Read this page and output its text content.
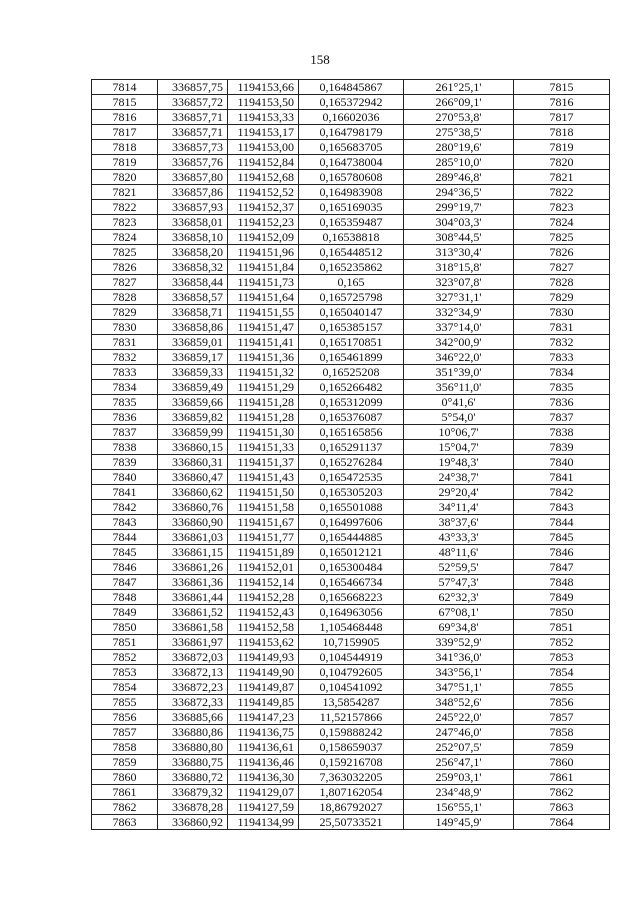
158
7814	336857,75	1194153,66	0,164845867	261°25,1'	7815
7815	336857,72	1194153,50	0,165372942	266°09,1'	7816
7816	336857,71	1194153,33	0,16602036	270°53,8'	7817
7817	336857,71	1194153,17	0,164798179	275°38,5'	7818
7818	336857,73	1194153,00	0,165683705	280°19,6'	7819
7819	336857,76	1194152,84	0,164738004	285°10,0'	7820
7820	336857,80	1194152,68	0,165780608	289°46,8'	7821
7821	336857,86	1194152,52	0,164983908	294°36,5'	7822
7822	336857,93	1194152,37	0,165169035	299°19,7'	7823
7823	336858,01	1194152,23	0,165359487	304°03,3'	7824
7824	336858,10	1194152,09	0,16538818	308°44,5'	7825
7825	336858,20	1194151,96	0,165448512	313°30,4'	7826
7826	336858,32	1194151,84	0,165235862	318°15,8'	7827
7827	336858,44	1194151,73	0,165	323°07,8'	7828
7828	336858,57	1194151,64	0,165725798	327°31,1'	7829
7829	336858,71	1194151,55	0,165040147	332°34,9'	7830
7830	336858,86	1194151,47	0,165385157	337°14,0'	7831
7831	336859,01	1194151,41	0,165170851	342°00,9'	7832
7832	336859,17	1194151,36	0,165461899	346°22,0'	7833
7833	336859,33	1194151,32	0,16525208	351°39,0'	7834
7834	336859,49	1194151,29	0,165266482	356°11,0'	7835
7835	336859,66	1194151,28	0,165312099	0°41,6'	7836
7836	336859,82	1194151,28	0,165376087	5°54,0'	7837
7837	336859,99	1194151,30	0,165165856	10°06,7'	7838
7838	336860,15	1194151,33	0,165291137	15°04,7'	7839
7839	336860,31	1194151,37	0,165276284	19°48,3'	7840
7840	336860,47	1194151,43	0,165472535	24°38,7'	7841
7841	336860,62	1194151,50	0,165305203	29°20,4'	7842
7842	336860,76	1194151,58	0,165501088	34°11,4'	7843
7843	336860,90	1194151,67	0,164997606	38°37,6'	7844
7844	336861,03	1194151,77	0,165444885	43°33,3'	7845
7845	336861,15	1194151,89	0,165012121	48°11,6'	7846
7846	336861,26	1194152,01	0,165300484	52°59,5'	7847
7847	336861,36	1194152,14	0,165466734	57°47,3'	7848
7848	336861,44	1194152,28	0,165668223	62°32,3'	7849
7849	336861,52	1194152,43	0,164963056	67°08,1'	7850
7850	336861,58	1194152,58	1,105468448	69°34,8'	7851
7851	336861,97	1194153,62	10,7159905	339°52,9'	7852
7852	336872,03	1194149,93	0,104544919	341°36,0'	7853
7853	336872,13	1194149,90	0,104792605	343°56,1'	7854
7854	336872,23	1194149,87	0,104541092	347°51,1'	7855
7855	336872,33	1194149,85	13,5854287	348°52,6'	7856
7856	336885,66	1194147,23	11,52157866	245°22,0'	7857
7857	336880,86	1194136,75	0,159888242	247°46,0'	7858
7858	336880,80	1194136,61	0,158659037	252°07,5'	7859
7859	336880,75	1194136,46	0,159216708	256°47,1'	7860
7860	336880,72	1194136,30	7,363032205	259°03,1'	7861
7861	336879,32	1194129,07	1,807162054	234°48,9'	7862
7862	336878,28	1194127,59	18,86792027	156°55,1'	7863
7863	336860,92	1194134,99	25,50733521	149°45,9'	7864
